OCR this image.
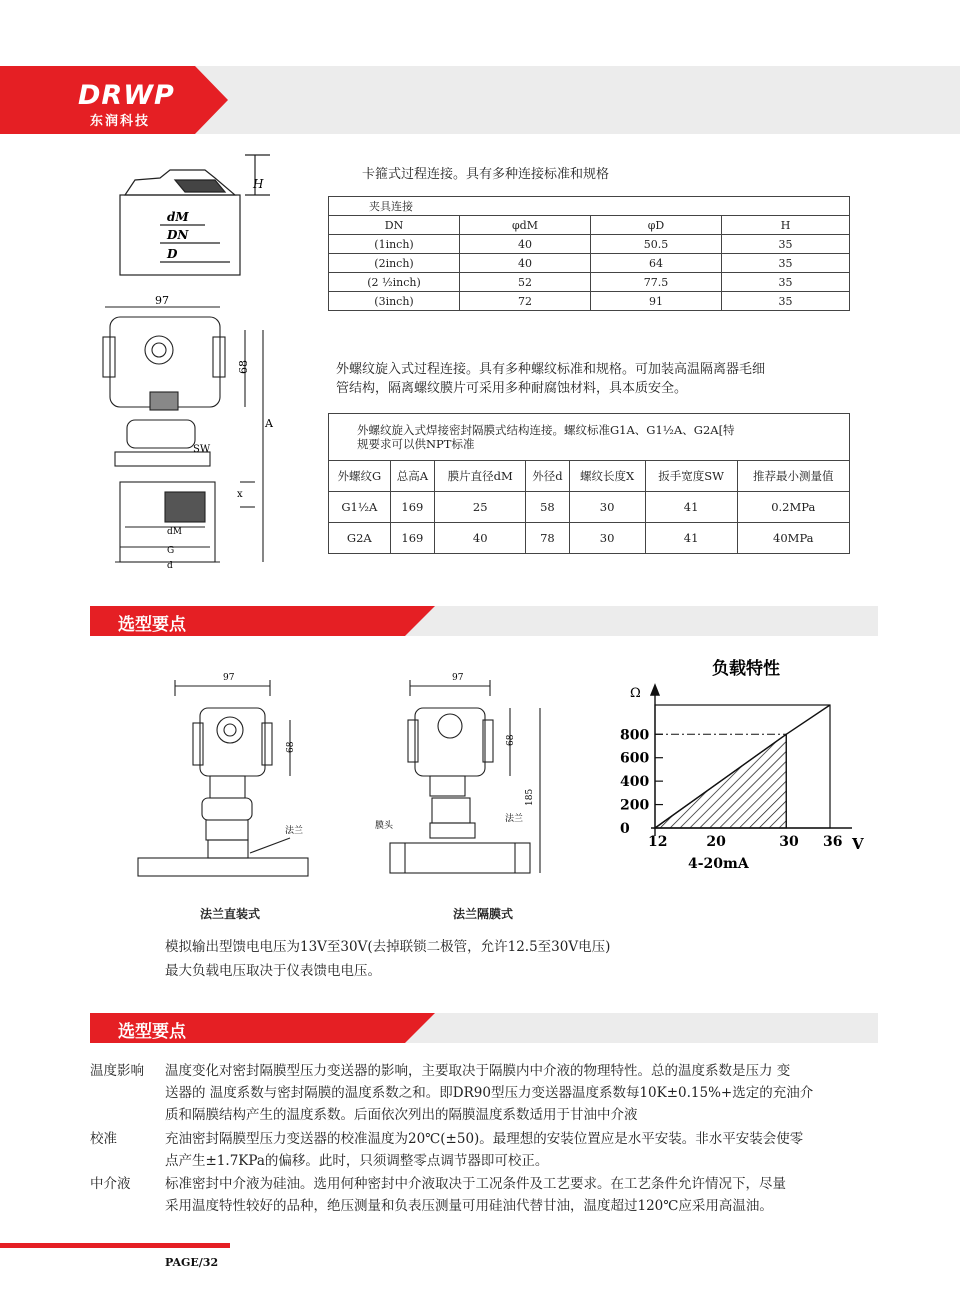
DRWP
东润科技
H
dM
DN
D
97
68
A
SW
x
dM
G
d
卡箍式过程连接。具有多种连接标准和规格
夹具连接			
DN	φdM	φD	H
(1inch)	40	50.5	35
(2inch)	40	64	35
(2 ½inch)	52	77.5	35
(3inch)	72	91	35
外螺纹旋入式过程连接。具有多种螺纹标准和规格。可加装高温隔离器毛细
管结构，隔离螺纹膜片可采用多种耐腐蚀材料，具本质安全。
外螺纹旋入式焊接密封隔膜式结构连接。螺纹标准G1A、G1½A、G2A[特
规要求可以供NPT标准						

外螺纹G	总高A	膜片直径dM	外径d	螺纹长度X	扳手宽度SW	推荐最小测量值
G1½A	169	25	58	30	41	0.2MPa
G2A	169	40	78	30	41	40MPa
选型要点
97
68
法兰
法兰直装式
97
68
185
膜头
法兰
法兰隔膜式
负载特性
Ω
0
200
400
600
800
12	20	30 36 V
4-20mA
模拟输出型馈电电压为13V至30V(去掉联锁二极管，允许12.5至30V电压)
最大负载电压取决于仪表馈电电压。
选型要点
温度影响 温度变化对密封隔膜型压力变送器的影响，主要取决于隔膜内中介液的物理特性。总的温度系数是压力 变
送器的 温度系数与密封隔膜的温度系数之和。即DR90型压力变送器温度系数每10K±0.15%+选定的充油介
质和隔膜结构产生的温度系数。后面依次列出的隔膜温度系数适用于甘油中介液
校准	充油密封隔膜型压力变送器的校准温度为20℃(±50)。最理想的安装位置应是水平安装。非水平安装会使零
点产生±1.7KPa的偏移。此时，只须调整零点调节器即可校正。
中介液	标准密封中介液为硅油。选用何种密封中介液取决于工况条件及工艺要求。在工艺条件允许情况下，尽量
采用温度特性较好的品种，绝压测量和负表压测量可用硅油代替甘油，温度超过120℃应采用高温油。
PAGE/32
